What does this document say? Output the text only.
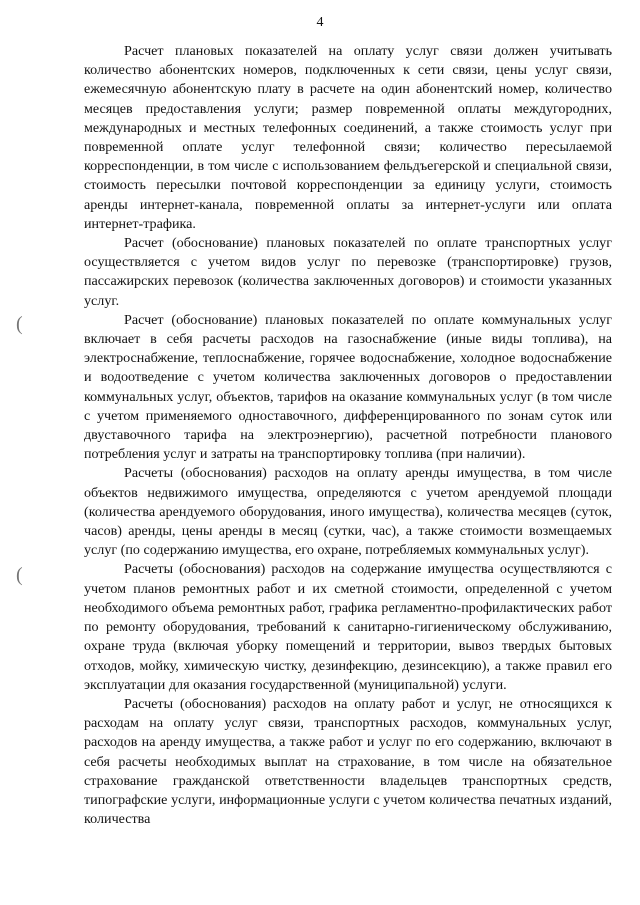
4
(
(

Расчет плановых показателей на оплату услуг связи должен учитывать количество абонентских номеров, подключенных к сети связи, цены услуг связи, ежемесячную абонентскую плату в расчете на один абонентский номер, количество месяцев предоставления услуги; размер повременной оплаты междугородних, международных и местных телефонных соединений, а также стоимость услуг при повременной оплате услуг телефонной связи; количество пересылаемой корреспонденции, в том числе с использованием фельдъегерской и специальной связи, стоимость пересылки почтовой корреспонденции за единицу услуги, стоимость аренды интернет-канала, повременной оплаты за интернет-услуги или оплата интернет-трафика.

Расчет (обоснование) плановых показателей по оплате транспортных услуг осуществляется с учетом видов услуг по перевозке (транспортировке) грузов, пассажирских перевозок (количества заключенных договоров) и стоимости указанных услуг.

Расчет (обоснование) плановых показателей по оплате коммунальных услуг включает в себя расчеты расходов на газоснабжение (иные виды топлива), на электроснабжение, теплоснабжение, горячее водоснабжение, холодное водоснабжение и водоотведение с учетом количества заключенных договоров о предоставлении коммунальных услуг, объектов, тарифов на оказание коммунальных услуг (в том числе с учетом применяемого одноставочного, дифференцированного по зонам суток или двуставочного тарифа на электроэнергию), расчетной потребности планового потребления услуг и затраты на транспортировку топлива (при наличии).

Расчеты (обоснования) расходов на оплату аренды имущества, в том числе объектов недвижимого имущества, определяются с учетом арендуемой площади (количества арендуемого оборудования, иного имущества), количества месяцев (суток, часов) аренды, цены аренды в месяц (сутки, час), а также стоимости возмещаемых услуг (по содержанию имущества, его охране, потребляемых коммунальных услуг).

Расчеты (обоснования) расходов на содержание имущества осуществляются с учетом планов ремонтных работ и их сметной стоимости, определенной с учетом необходимого объема ремонтных работ, графика регламентно-профилактических работ по ремонту оборудования, требований к санитарно-гигиеническому обслуживанию, охране труда (включая уборку помещений и территории, вывоз твердых бытовых отходов, мойку, химическую чистку, дезинфекцию, дезинсекцию), а также правил его эксплуатации для оказания государственной (муниципальной) услуги.

Расчеты (обоснования) расходов на оплату работ и услуг, не относящихся к расходам на оплату услуг связи, транспортных расходов, коммунальных услуг, расходов на аренду имущества, а также работ и услуг по его содержанию, включают в себя расчеты необходимых выплат на страхование, в том числе на обязательное страхование гражданской ответственности владельцев транспортных средств, типографские услуги, информационные услуги с учетом количества печатных изданий, количества
